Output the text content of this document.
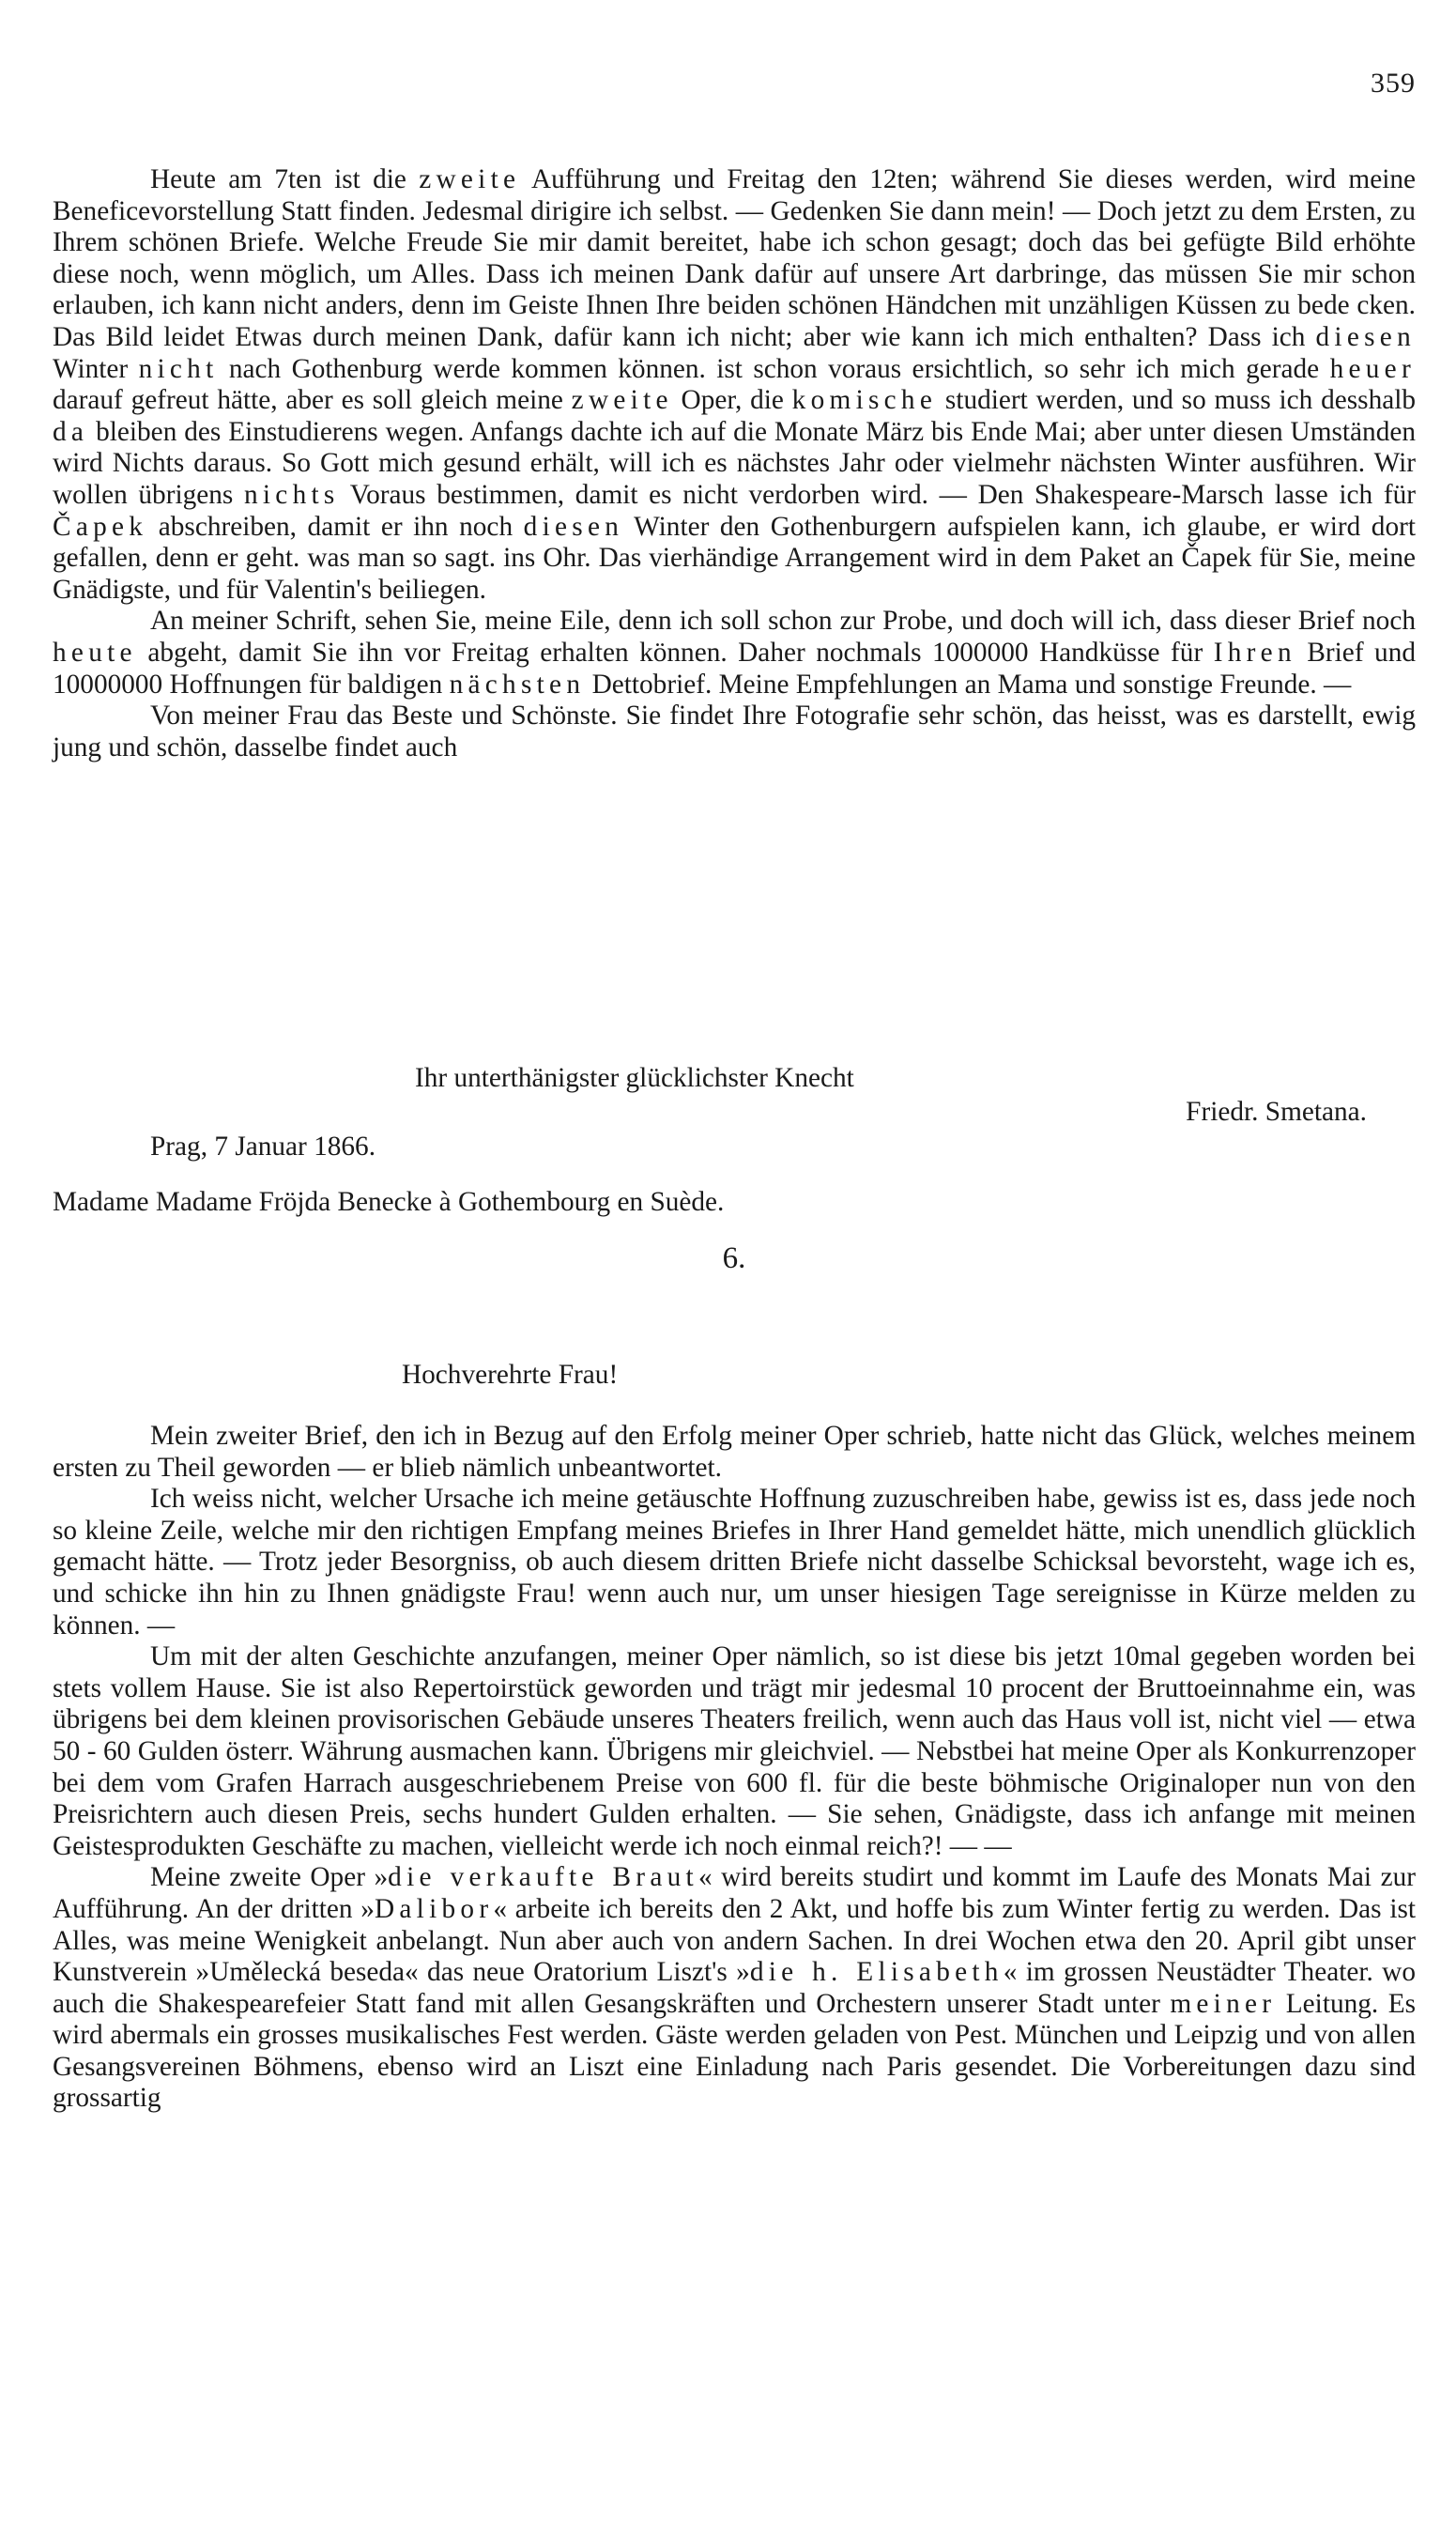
359

Heute am 7ten ist die zweite Aufführung und Freitag den 12ten; während Sie dieses werden, wird meine Beneficevorstellung Statt finden. Jedesmal dirigire ich selbst. — Gedenken Sie dann mein! — Doch jetzt zu dem Ersten, zu Ihrem schönen Briefe. Welche Freude Sie mir damit bereitet, habe ich schon gesagt; doch das bei gefügte Bild erhöhte diese noch, wenn möglich, um Alles. Dass ich meinen Dank dafür auf unsere Art darbringe, das müssen Sie mir schon erlauben, ich kann nicht anders, denn im Geiste Ihnen Ihre beiden schönen Händchen mit unzähligen Küssen zu bede cken. Das Bild leidet Etwas durch meinen Dank, dafür kann ich nicht; aber wie kann ich mich enthalten? Dass ich diesen Winter nicht nach Gothenburg werde kommen können. ist schon voraus ersichtlich, so sehr ich mich gerade heuer darauf gefreut hätte, aber es soll gleich meine zweite Oper, die komische studiert werden, und so muss ich desshalb da bleiben des Einstudierens wegen. Anfangs dachte ich auf die Monate März bis Ende Mai; aber unter diesen Umständen wird Nichts daraus. So Gott mich gesund erhält, will ich es nächstes Jahr oder vielmehr nächsten Winter ausführen. Wir wollen übrigens nichts Voraus bestimmen, damit es nicht verdorben wird. — Den Shakespeare-Marsch lasse ich für Čapek abschreiben, damit er ihn noch diesen Winter den Gothenburgern aufspielen kann, ich glaube, er wird dort gefallen, denn er geht. was man so sagt. ins Ohr. Das vierhändige Arrangement wird in dem Paket an Čapek für Sie, meine Gnädigste, und für Valentin's beiliegen.

An meiner Schrift, sehen Sie, meine Eile, denn ich soll schon zur Probe, und doch will ich, dass dieser Brief noch heute abgeht, damit Sie ihn vor Freitag erhalten können. Daher nochmals 1000000 Handküsse für Ihren Brief und 10000000 Hoffnungen für baldigen nächsten Dettobrief. Meine Empfehlungen an Mama und sonstige Freunde. —

Von meiner Frau das Beste und Schönste. Sie findet Ihre Fotografie sehr schön, das heisst, was es darstellt, ewig jung und schön, dasselbe findet auch

Ihr unterthänigster glücklichster Knecht
Friedr. Smetana.
Prag, 7 Januar 1866.
Madame Madame Fröjda Benecke à Gothembourg en Suède.
6.
Hochverehrte Frau!

Mein zweiter Brief, den ich in Bezug auf den Erfolg meiner Oper schrieb, hatte nicht das Glück, welches meinem ersten zu Theil geworden — er blieb nämlich unbeantwortet.

Ich weiss nicht, welcher Ursache ich meine getäuschte Hoffnung zuzuschreiben habe, gewiss ist es, dass jede noch so kleine Zeile, welche mir den richtigen Empfang meines Briefes in Ihrer Hand gemeldet hätte, mich unendlich glücklich gemacht hätte. — Trotz jeder Besorgniss, ob auch diesem dritten Briefe nicht dasselbe Schicksal bevorsteht, wage ich es, und schicke ihn hin zu Ihnen gnädigste Frau! wenn auch nur, um unser hiesigen Tage sereignisse in Kürze melden zu können. —

Um mit der alten Geschichte anzufangen, meiner Oper nämlich, so ist diese bis jetzt 10mal gegeben worden bei stets vollem Hause. Sie ist also Repertoirstück geworden und trägt mir jedesmal 10 procent der Bruttoeinnahme ein, was übrigens bei dem kleinen provisorischen Gebäude unseres Theaters freilich, wenn auch das Haus voll ist, nicht viel — etwa 50 - 60 Gulden österr. Währung ausmachen kann. Übrigens mir gleichviel. — Nebstbei hat meine Oper als Konkurrenzoper bei dem vom Grafen Harrach ausgeschriebenem Preise von 600 fl. für die beste böhmische Originaloper nun von den Preisrichtern auch diesen Preis, sechs hundert Gulden erhalten. — Sie sehen, Gnädigste, dass ich anfange mit meinen Geistesprodukten Geschäfte zu machen, vielleicht werde ich noch einmal reich?! — —

Meine zweite Oper »die verkaufte Braut« wird bereits studirt und kommt im Laufe des Monats Mai zur Aufführung. An der dritten »Dalibor« arbeite ich bereits den 2 Akt, und hoffe bis zum Winter fertig zu werden. Das ist Alles, was meine Wenigkeit anbelangt. Nun aber auch von andern Sachen. In drei Wochen etwa den 20. April gibt unser Kunstverein »Umělecká beseda« das neue Oratorium Liszt's »die h. Elisabeth« im grossen Neustädter Theater. wo auch die Shakespearefeier Statt fand mit allen Gesangskräften und Orchestern unserer Stadt unter meiner Leitung. Es wird abermals ein grosses musikalisches Fest werden. Gäste werden geladen von Pest. München und Leipzig und von allen Gesangsvereinen Böhmens, ebenso wird an Liszt eine Einladung nach Paris gesendet. Die Vorbereitungen dazu sind grossartig
